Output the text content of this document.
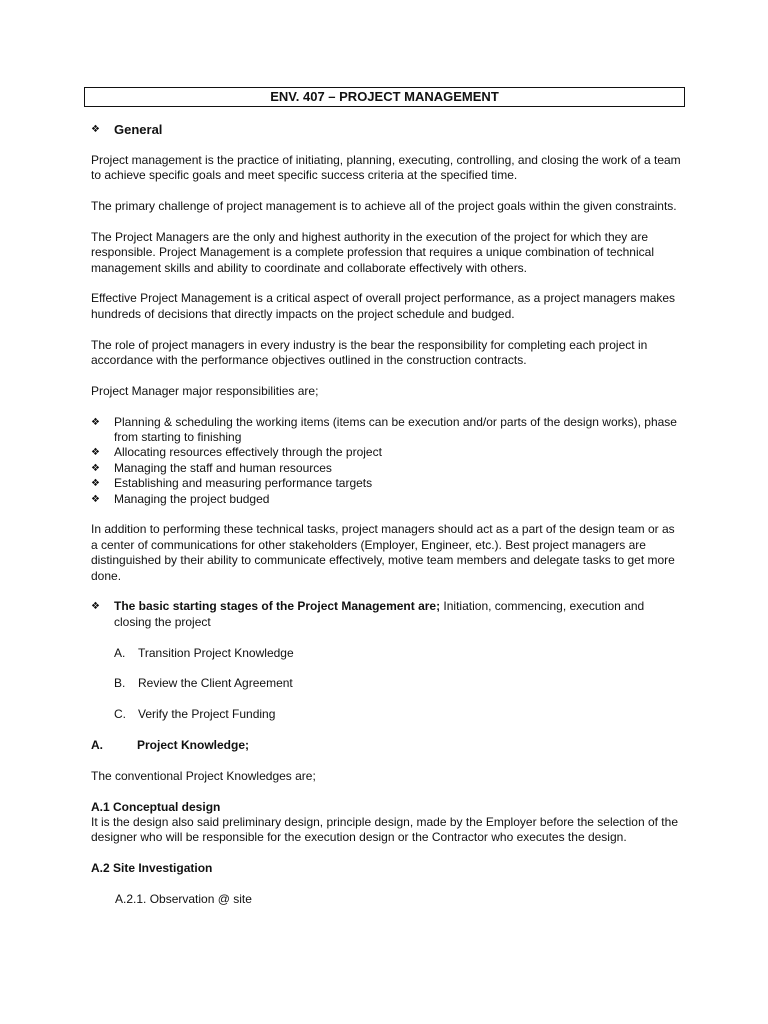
ENV. 407 – PROJECT MANAGEMENT
❖	General

Project management is the practice of initiating, planning, executing, controlling, and closing the work of a team to achieve specific goals and meet specific success criteria at the specified time.

The primary challenge of project management is to achieve all of the project goals within the given constraints.

The Project Managers are the only and highest authority in the execution of the project for which they are responsible. Project Management is a complete profession that requires a unique combination of technical management skills and ability to coordinate and collaborate effectively with others.

Effective Project Management is a critical aspect of overall project performance, as a project managers makes hundreds of decisions that directly impacts on the project schedule and budged.

The role of project managers in every industry is the bear the responsibility for completing each project in accordance with the performance objectives outlined in the construction contracts.

Project Manager major responsibilities are;

❖	Planning & scheduling the working items (items can be execution and/or parts of the design works), phase from starting to finishing
❖	Allocating resources effectively through the project
❖	Managing the staff and human resources
❖	Establishing and measuring performance targets
❖	Managing the project budged

In addition to performing these technical tasks, project managers should act as a part of the design team or as a center of communications for other stakeholders (Employer, Engineer, etc.). Best project managers are distinguished by their ability to communicate effectively, motive team members and delegate tasks to get more done.

❖	The basic starting stages of the Project Management are; Initiation, commencing, execution and closing the project
A.	Transition Project Knowledge
B.	Review the Client Agreement
C.	Verify the Project Funding
A.	Project Knowledge;

The conventional Project Knowledges are;

A.1 Conceptual design
It is the design also said preliminary design, principle design, made by the Employer before the selection of the designer who will be responsible for the execution design or the Contractor who executes the design.
A.2 Site Investigation
A.2.1. Observation @ site
